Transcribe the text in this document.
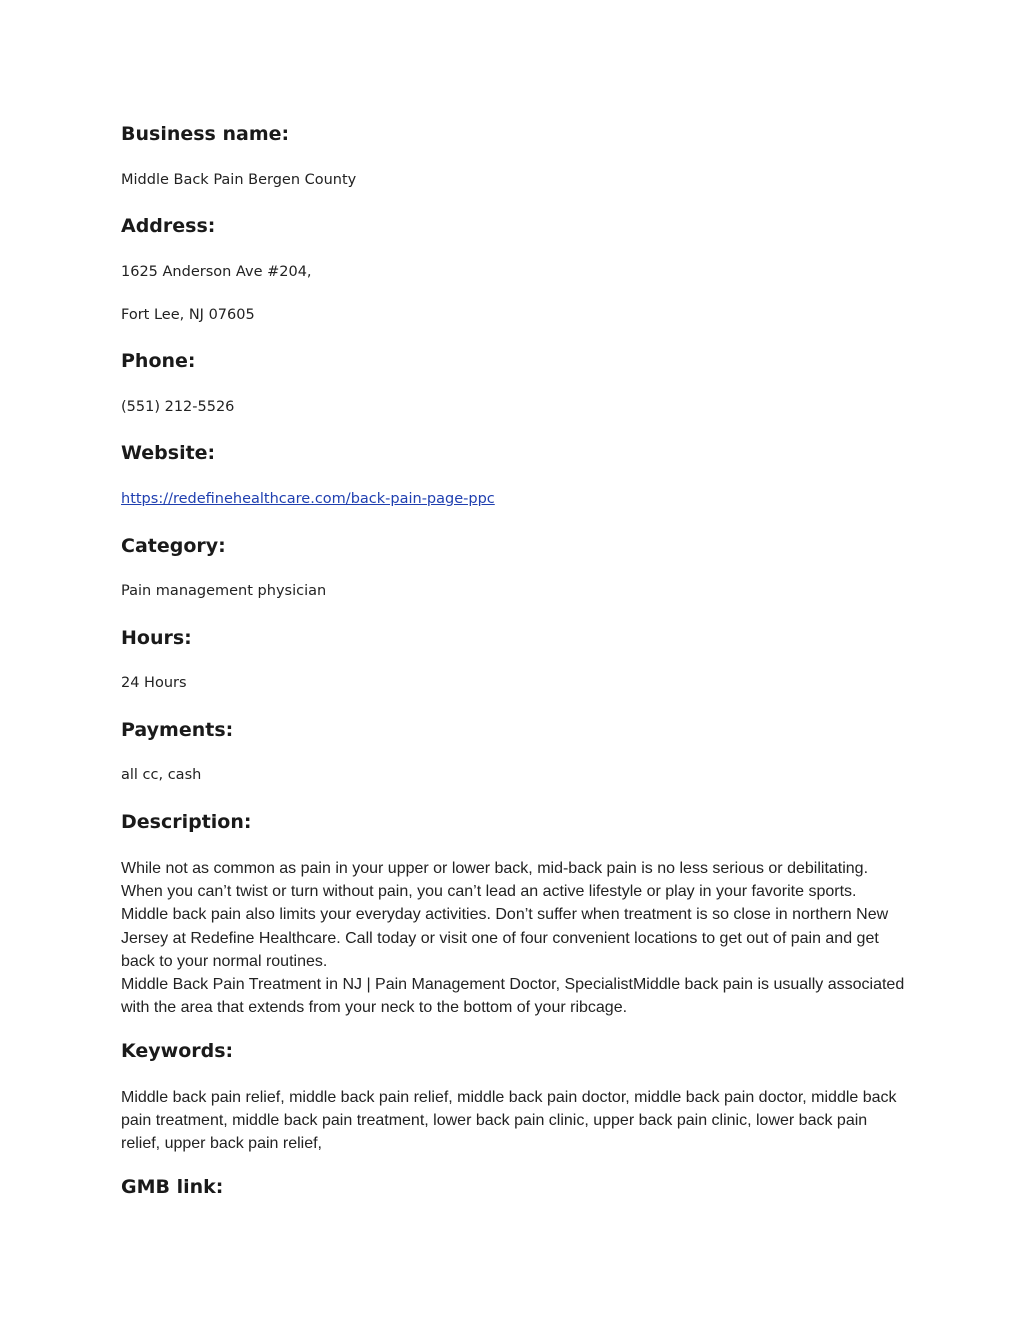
Business name:
Middle Back Pain Bergen County
Address:
1625 Anderson Ave #204,
Fort Lee, NJ 07605
Phone:
(551) 212-5526
Website:
https://redefinehealthcare.com/back-pain-page-ppc
Category:
Pain management physician
Hours:
24 Hours
Payments:
all cc, cash
Description:

While not as common as pain in your upper or lower back, mid-back pain is no less serious or debilitating. When you can’t twist or turn without pain, you can’t lead an active lifestyle or play in your favorite sports. Middle back pain also limits your everyday activities. Don’t suffer when treatment is so close in northern New Jersey at Redefine Healthcare. Call today or visit one of four convenient locations to get out of pain and get back to your normal routines.

Middle Back Pain Treatment in NJ | Pain Management Doctor, SpecialistMiddle back pain is usually associated with the area that extends from your neck to the bottom of your ribcage.

Keywords:

Middle back pain relief, middle back pain relief, middle back pain doctor, middle back pain doctor, middle back pain treatment, middle back pain treatment, lower back pain clinic, upper back pain clinic, lower back pain relief, upper back pain relief,

GMB link:
